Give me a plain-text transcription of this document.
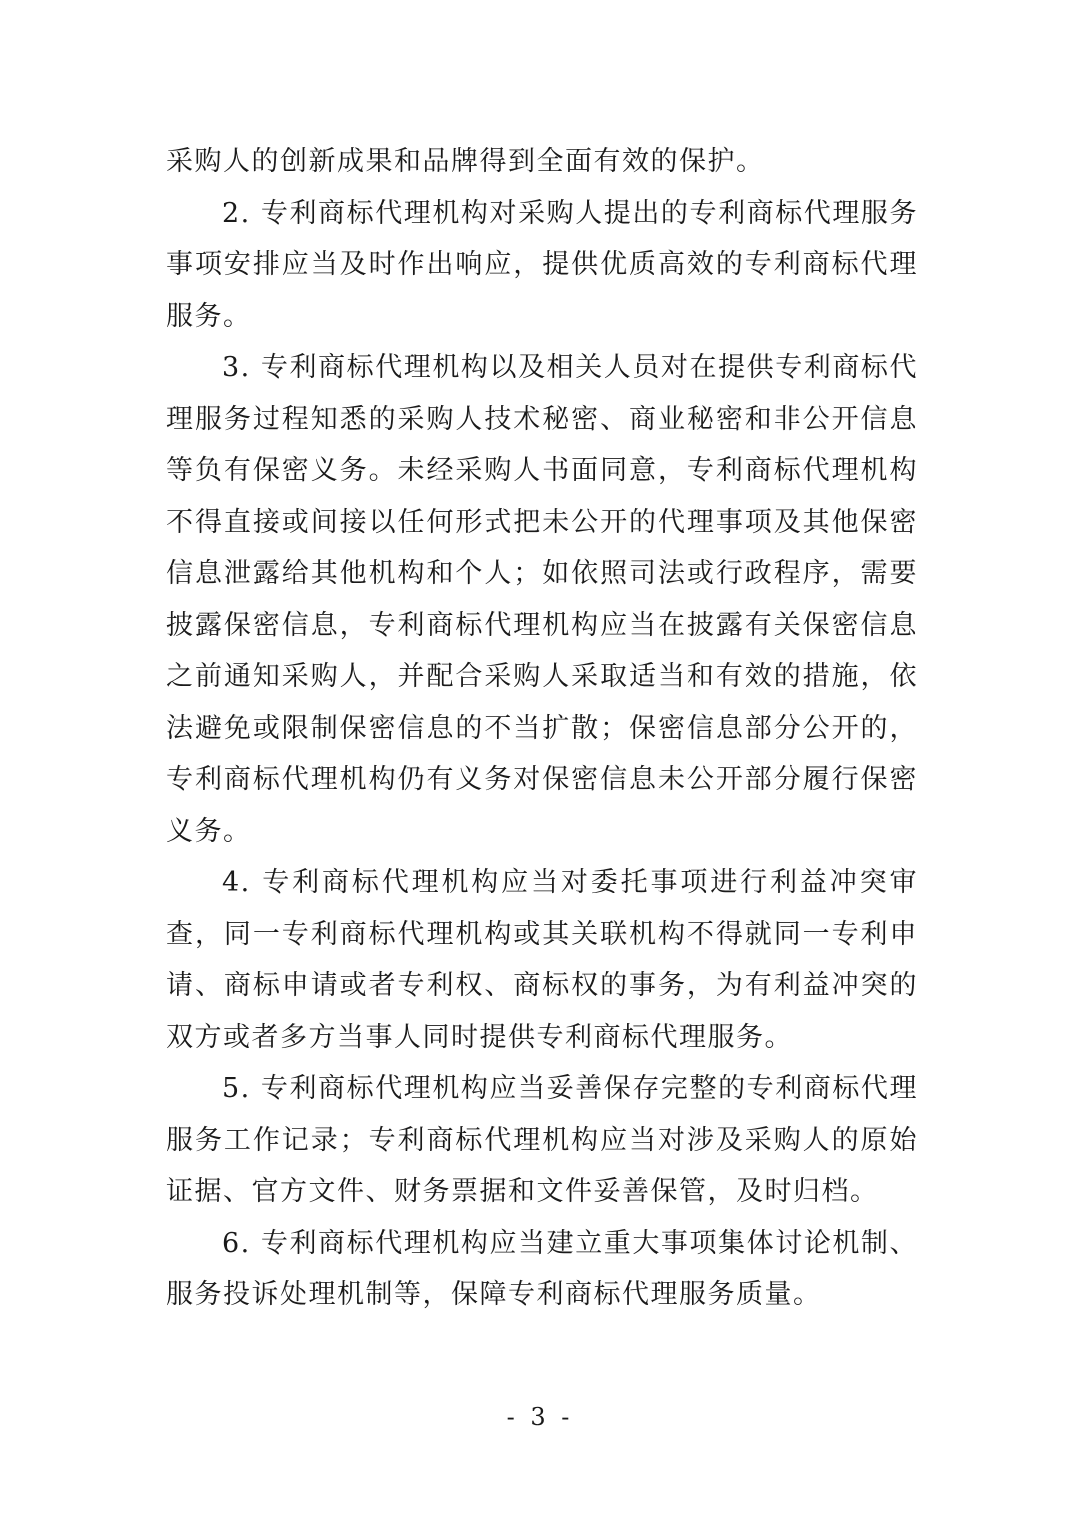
采购人的创新成果和品牌得到全面有效的保护。

2. 专利商标代理机构对采购人提出的专利商标代理服务事项安排应当及时作出响应，提供优质高效的专利商标代理服务。

3. 专利商标代理机构以及相关人员对在提供专利商标代理服务过程知悉的采购人技术秘密、商业秘密和非公开信息等负有保密义务。未经采购人书面同意，专利商标代理机构不得直接或间接以任何形式把未公开的代理事项及其他保密信息泄露给其他机构和个人；如依照司法或行政程序，需要披露保密信息，专利商标代理机构应当在披露有关保密信息之前通知采购人，并配合采购人采取适当和有效的措施，依法避免或限制保密信息的不当扩散；保密信息部分公开的，专利商标代理机构仍有义务对保密信息未公开部分履行保密义务。

4. 专利商标代理机构应当对委托事项进行利益冲突审查，同一专利商标代理机构或其关联机构不得就同一专利申请、商标申请或者专利权、商标权的事务，为有利益冲突的双方或者多方当事人同时提供专利商标代理服务。

5. 专利商标代理机构应当妥善保存完整的专利商标代理服务工作记录；专利商标代理机构应当对涉及采购人的原始证据、官方文件、财务票据和文件妥善保管，及时归档。

6. 专利商标代理机构应当建立重大事项集体讨论机制、服务投诉处理机制等，保障专利商标代理服务质量。

- 3 -
